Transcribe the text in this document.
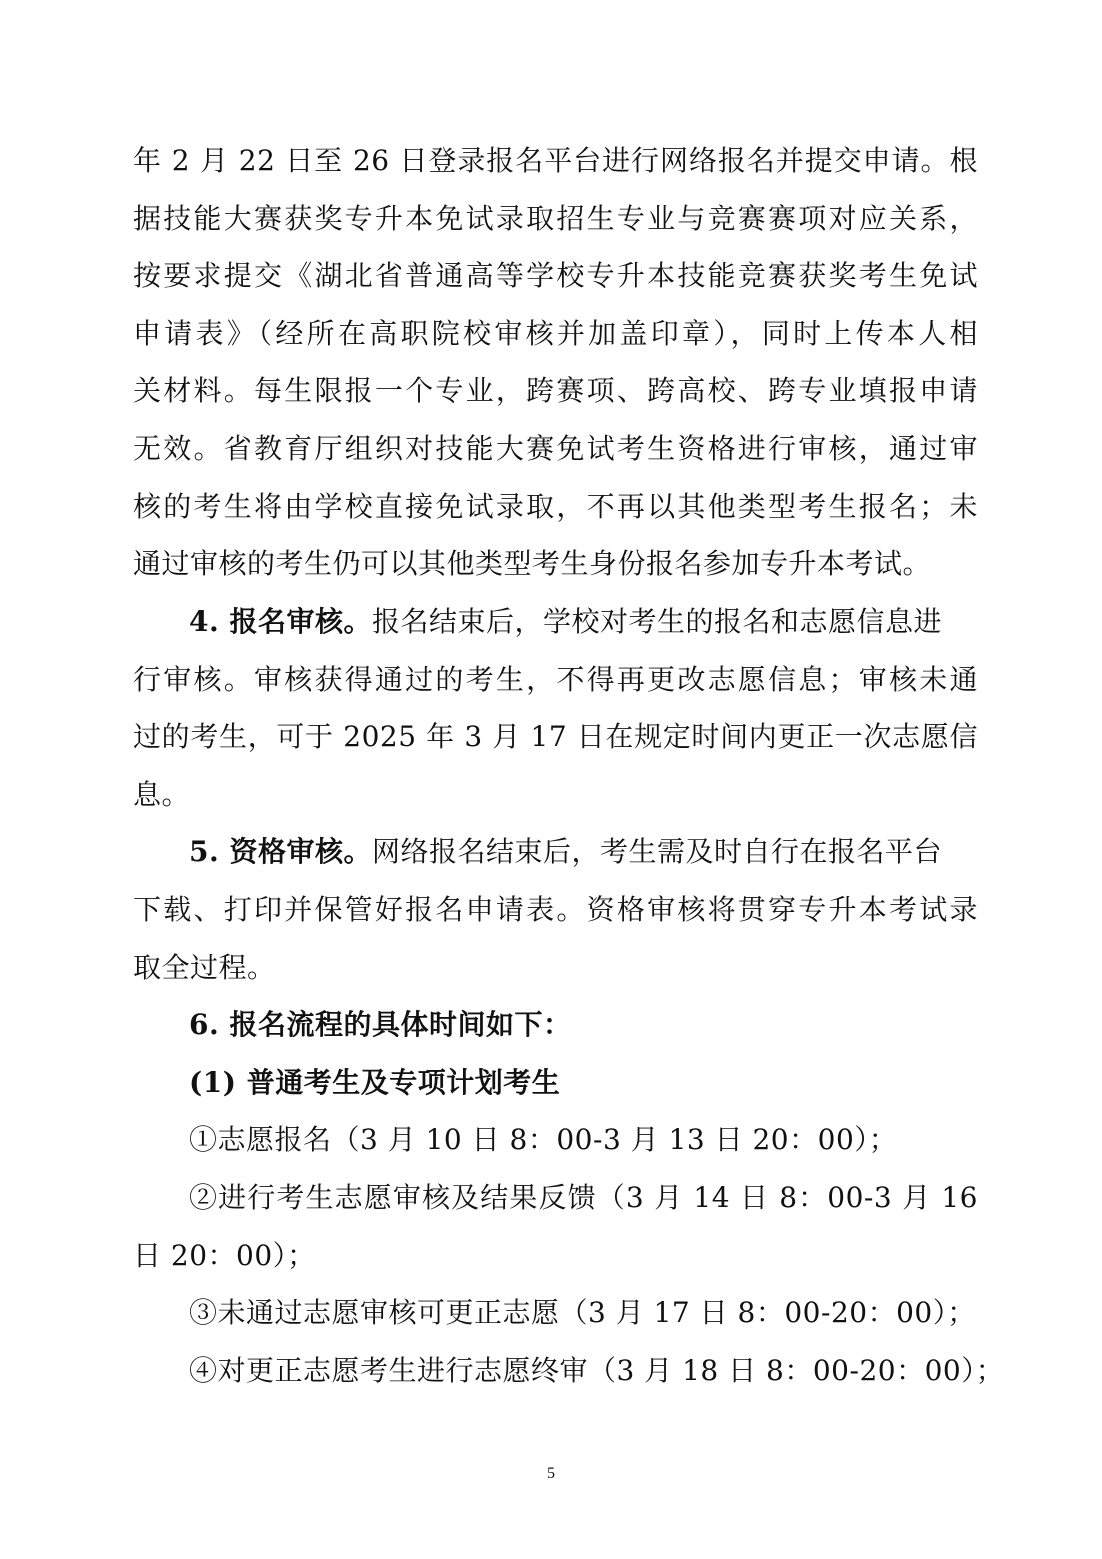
年 2 月 22 日至 26 日登录报名平台进行网络报名并提交申请。根
据技能大赛获奖专升本免试录取招生专业与竞赛赛项对应关系，
按要求提交《湖北省普通高等学校专升本技能竞赛获奖考生免试
申请表》（经所在高职院校审核并加盖印章），同时上传本人相
关材料。每生限报一个专业，跨赛项、跨高校、跨专业填报申请
无效。省教育厅组织对技能大赛免试考生资格进行审核，通过审
核的考生将由学校直接免试录取，不再以其他类型考生报名；未
通过审核的考生仍可以其他类型考生身份报名参加专升本考试。
4. 报名审核。报名结束后，学校对考生的报名和志愿信息进
行审核。审核获得通过的考生，不得再更改志愿信息；审核未通
过的考生，可于 2025 年 3 月 17 日在规定时间内更正一次志愿信
息。
5. 资格审核。网络报名结束后，考生需及时自行在报名平台
下载、打印并保管好报名申请表。资格审核将贯穿专升本考试录
取全过程。
6. 报名流程的具体时间如下：
(1) 普通考生及专项计划考生
①志愿报名（3 月 10 日 8：00-3 月 13 日 20：00）；
②进行考生志愿审核及结果反馈（3 月 14 日 8：00-3 月 16
日 20：00）；
③未通过志愿审核可更正志愿（3 月 17 日 8：00-20：00）；
④对更正志愿考生进行志愿终审（3 月 18 日 8：00-20：00）；
5
